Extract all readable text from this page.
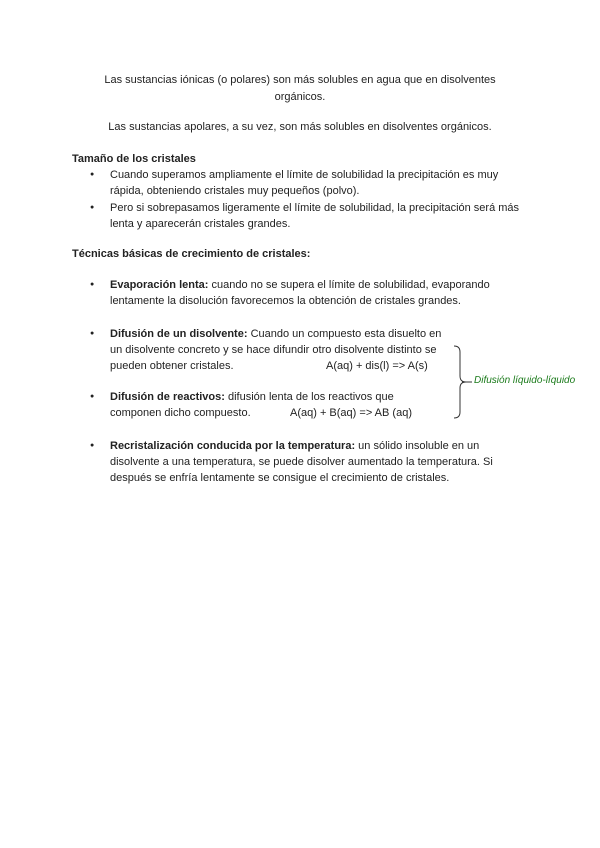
Las sustancias iónicas (o polares) son más solubles en agua que en disolventes orgánicos.

Las sustancias apolares, a su vez, son más solubles en disolventes orgánicos.

Tamaño de los cristales

● Cuando superamos ampliamente el límite de solubilidad la precipitación es muy rápida, obteniendo cristales muy pequeños (polvo).

● Pero si sobrepasamos ligeramente el límite de solubilidad, la precipitación será más lenta y aparecerán cristales grandes.

Técnicas básicas de crecimiento de cristales:

● Evaporación lenta: cuando no se supera el límite de solubilidad, evaporando lentamente la disolución favorecemos la obtención de cristales grandes.

● Difusión de un disolvente: Cuando un compuesto esta disuelto en un disolvente concreto y se hace difundir otro disolvente distinto se pueden obtener cristales.	A(aq) + dis(l) => A(s)

● Difusión de reactivos: difusión lenta de los reactivos que componen dicho compuesto.	A(aq) + B(aq) => AB (aq)
Difusión líquido-líquido

● Recristalización conducida por la temperatura: un sólido insoluble en un disolvente a una temperatura, se puede disolver aumentado la temperatura. Si después se enfría lentamente se consigue el crecimiento de cristales.
